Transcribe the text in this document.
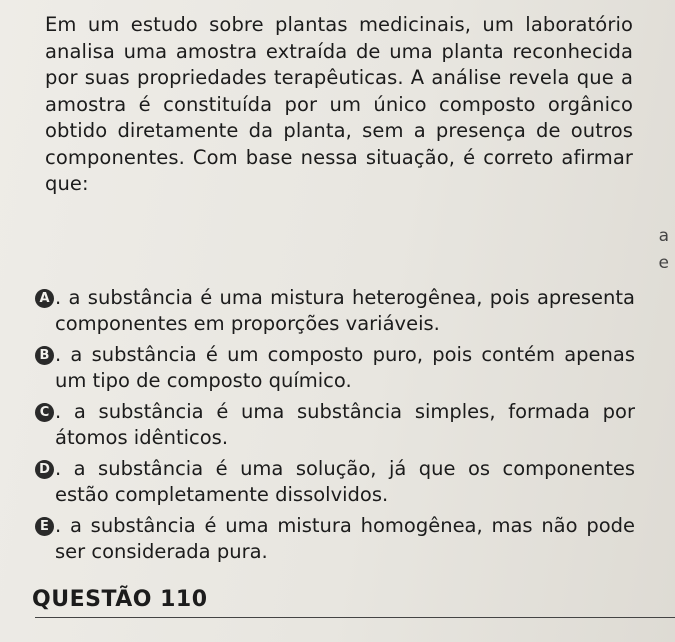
Em um estudo sobre plantas medicinais, um laboratório analisa uma amostra extraída de uma planta reconhecida por suas propriedades terapêuticas. A análise revela que a amostra é constituída por um único composto orgânico obtido diretamente da planta, sem a presença de outros componentes. Com base nessa situação, é correto afirmar que:

a
e
A . a substância é uma mistura heterogênea, pois apresenta componentes em proporções variáveis.
B . a substância é um composto puro, pois contém apenas um tipo de composto químico.
C . a substância é uma substância simples, formada por átomos idênticos.
D . a substância é uma solução, já que os componentes estão completamente dissolvidos.
E . a substância é uma mistura homogênea, mas não pode ser considerada pura.
QUESTÃO 110
